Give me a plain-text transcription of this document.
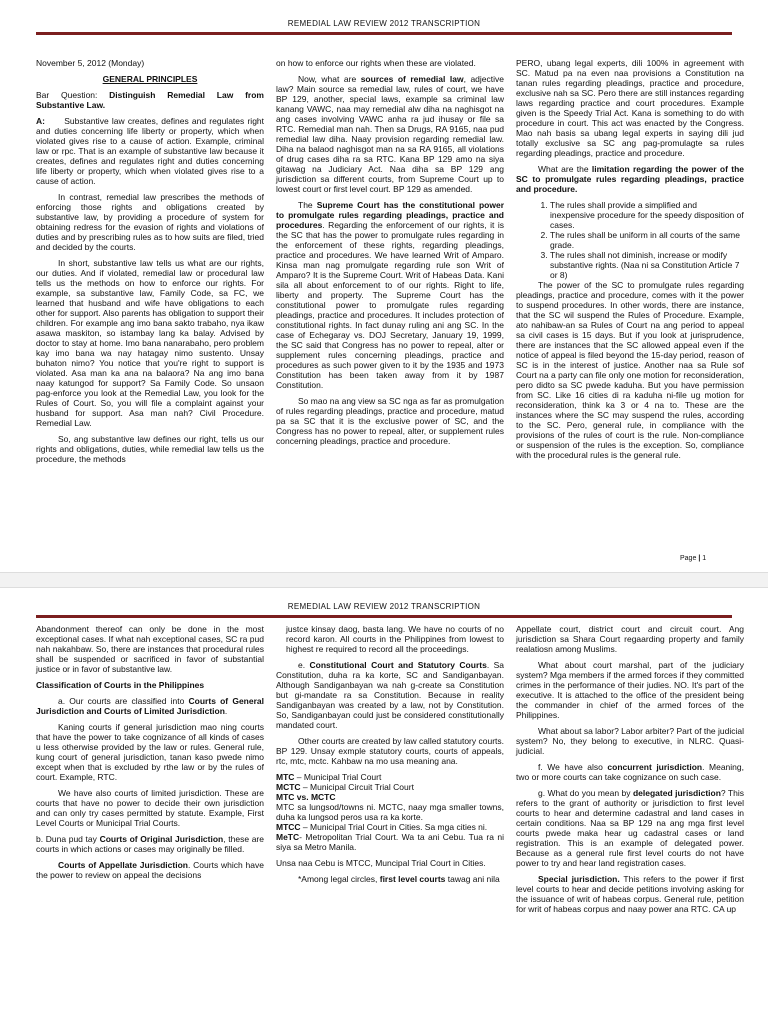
REMEDIAL LAW REVIEW 2012 TRANSCRIPTION

November 5, 2012 (Monday)

GENERAL PRINCIPLES

Bar Question: Distinguish Remedial Law from Substantive Law.

A: Substantive law creates, defines and regulates right and duties concerning life liberty or property, which when violated gives rise to a cause of action. Example, criminal law or rpc. That is an example of substantive law because it creates, defines and regulates right and duties concerning life liberty or property, which when violated gives rise to a cause of action.

In contrast, remedial law prescribes the methods of enforcing those rights and obligations created by substantive law, by providing a procedure of system for obtaining redress for the evasion of rights and violations of duties and by prescribing rules as to how suits are filed, tried and decided by the courts.

In short, substantive law tells us what are our rights, our duties. And if violated, remedial law or procedural law tells us the methods on how to enforce our rights. For example, sa substantive law, Family Code, sa FC, we learned that husband and wife have obligations to each other for support. Also parents has obligation to support their children. For example ang imo bana sakto trabaho, nya ikaw asawa maskiton, so istambay lang ka balay. Advised by doctor to stay at home. Imo bana nanarabaho, pero problem kay imo bana wa nay hatagay nimo sustento. Unsay buhaton nimo? You notice that you're right to support is violated. Asa man ka ana na balaora? Na ang imo bana naay katungod for support? Sa Family Code. So unsaon pag-enforce you look at the Remedial Law, you look for the Rules of Court. So, you will file a complaint against your husband for support. Asa man nah? Civil Procedure. Remedial Law.

So, ang substantive law defines our right, tells us our rights and obligations, duties, while remedial law tells us the procedure, the methods

on how to enforce our rights when these are violated.

Now, what are sources of remedial law, adjective law? Main source sa remedial law, rules of court, we have BP 129, another, special laws, example sa criminal law kanang VAWC, naa may remedial alw diha na naghisgot na ang cases involving VAWC anha ra jud ihusay or file sa RTC. Remedial man nah. Then sa Drugs, RA 9165, naa pud remedial law diha. Naay provision regarding remedial law. Diha na balaod naghisgot man na sa RA 9165, all violations of drug cases diha ra sa RTC. Kana BP 129 amo na siya gitawag na Judiciary Act. Naa diha sa BP 129 ang jurisdiction sa different courts, from Supreme Court up to lowest court or first level court. BP 129 as amended.

The Supreme Court has the constitutional power to promulgate rules regarding pleadings, practice and procedures. Regarding the enforcement of our rights, it is the SC that has the power to promulgate rules regarding in the enforcement of these rights, regarding pleadings, practice and procedures. We have learned Writ of Amparo. Kinsa man nag promulgate regarding rule son Writ of Amparo? It is the Supreme Court. Writ of Habeas Data. Kani sila all about enforcement to of our rights. Right to life, liberty and property. The Supreme Court has the constitutional power to promulgate rules regarding pleadings, practice and procedures. It includes protection of constitutional rights. In fact dunay ruling ani ang SC. In the case of Echegaray vs. DOJ Secretary, January 19, 1999, the SC said that Congress has no power to repeal, alter or supplement rules concerning pleadings, practice and procedures as such power given to it by the 1935 and 1973 Constitution has been taken away from it by 1987 Constitution.

So mao na ang view sa SC nga as far as promulgation of rules regarding pleadings, practice and procedure, matud pa sa SC that it is the exclusive power of SC, and the Congress has no power to repeal, alter, or supplement rules concerning pleadings, practice and procedure.

PERO, ubang legal experts, dili 100% in agreement with SC. Matud pa na even naa provisions a Constitution na tanan rules regarding pleadings, practice and procedure, exclusive nah sa SC. Pero there are still instances regarding laws regarding practice and court procedures. Example given is the Speedy Trial Act. Kana is something to do with procedure in court. This act was enacted by the Congress. Mao nah basis sa ubang legal experts in saying dili jud totally exclusive sa SC ang pag-promulagte sa rules regarding pleadings, practice and procedure.

What are the limitation regarding the power of the SC to promulgate rules regarding pleadings, practice and procedure.

1. The rules shall provide a simplified and inexpensive procedure for the speedy disposition of cases.
2. The rules shall be uniform in all courts of the same grade.
3. The rules shall not diminish, increase or modify substantive rights. (Naa ni sa Constitution Article 7 or 8)

The power of the SC to promulgate rules regarding pleadings, practice and procedure, comes with it the power to suspend procedures. In other words, there are instance, that the SC wil suspend the Rules of Procedure. Example, ato nahibaw-an sa Rules of Court na ang period to appeal sa civil cases is 15 days. But if you look at jurisprudence, there are instances that the SC allowed appeal even if the notice of appeal is filed beyond the 15-day period, reason of SC is in the interest of justice. Another naa sa Rule sof Court na a party can file only one motion for reconsideration, pero didto sa SC pwede kaduha. But you have permission from SC. Like 16 cities di ra kaduha ni-file ug motion for reconsideration, think ka 3 or 4 na to. These are the instances where the SC may suspend the rules, according to the SC. Pero, general rule, in compliance with the provisions of the rules of court is the rule. Non-compliance or suspension of the rules is the exception. So, compliance with the procedural rules is the general rule.

Page | 1
REMEDIAL LAW REVIEW 2012 TRANSCRIPTION

Abandonment thereof can only be done in the most exceptional cases. If what nah exceptional cases, SC ra pud nah nakahbaw. So, there are instances that procedural rules shall be suspended or sacrificed in favor of substantial justice or in favor of substantive law.

Classification of Courts in the Philippines

a. Our courts are classified into Courts of General Jurisdiction and Courts of Limited Jurisdiction.

Kaning courts if general jurisdiction mao ning courts that have the power to take cognizance of all kinds of cases u less otherwise provided by the law or rules. General rule, kung court of general jurisdiction, tanan kaso pwede nimo except when that is excluded by rthe law or by the rules of court. Example, RTC.

We have also courts of limited jurisdiction. These are courts that have no power to decide their own jurisdiction and can only try cases permitted by statute. Example, First Level Courts or Municipal Trial Courts.

b. Duna pud tay Courts of Original Jurisdiction, these are courts in which actions or cases may originally be filled.

Courts of Appellate Jurisdiction. Courts which have the power to review on appeal the decisions

justce kinsay daog, basta lang. We have no courts of no record karon. All courts in the Philippines from lowest to highest re required to record all the proceedings.

e. Constitutional Court and Statutory Courts. Sa Constitution, duha ra ka korte, SC and Sandiganbayan. Although Sandiganbayan wa nah g-create sa Constitution but gi-mandate ra sa Constitution. Because in reality Sandiganbayan was created by a law, not by Constitution. So, Sandiganbayan could just be considered constitutionally mandated court.

Other courts are created by law called statutory courts. BP 129. Unsay exmple statutory courts, courts of appeals, rtc, mtc, mctc. Kahbaw na mo usa meaning ana.

MTC – Municipal Trial Court

MCTC – Municipal Circuit Trial Court

MTC vs. MCTC

MTC sa lungsod/towns ni. MCTC, naay mga smaller towns, duha ka lungsod peros usa ra ka korte.

MTCC – Municipal Trial Court in Cities. Sa mga cities ni.

MeTC- Metropolitan Trial Court. Wa ta ani Cebu. Tua ra ni siya sa Metro Manila.

Unsa naa Cebu is MTCC, Muncipal Trial Court in Cities.

*Among legal circles, first level courts tawag ani nila

Appellate court, district court and circuit court. Ang jurisdiction sa Shara Court regaarding property and family realatiosn among Muslims.

What about court marshal, part of the judiciary system? Mga members if the armed forces if they committed crimes in the performance of their judies. NO. It's part of the executive. It is attached to the office of the president being the commander in chief of the armed forces of the Philippines.

What about sa labor? Labor arbiter? Part of the judicial system? No, they belong to executive, in NLRC. Quasi-judicial.

f. We have also concurrent jurisdiction. Meaning, two or more courts can take cognizance on such case.

g. What do you mean by delegated jurisdiction? This refers to the grant of authority or jurisdiction to first level courts to hear and determine cadastral and land cases in certain conditions. Naa sa BP 129 na ang mga first level courts pwede maka hear ug cadastral cases or land registration. This is an example of delegated power. Because as a general rule first level courts do not have power to try and hear land registration cases.

Special jurisdiction. This refers to the power if first level courts to hear and decide petitions involving asking for the issuance of writ of habeas corpus. General rule, petition for writ of habeas corpus and naay power ana RTC. CA up
